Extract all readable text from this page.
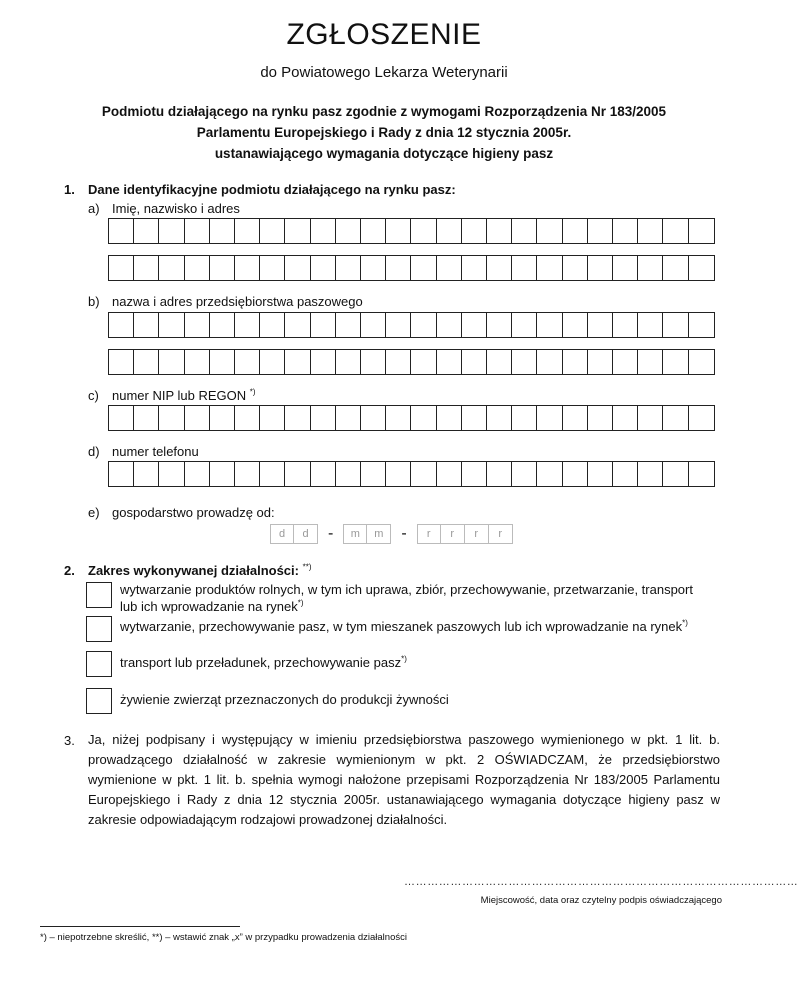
ZGŁOSZENIE
do Powiatowego Lekarza Weterynarii
Podmiotu działającego na rynku pasz zgodnie z wymogami Rozporządzenia Nr 183/2005
Parlamentu Europejskiego i Rady z dnia 12 stycznia 2005r.
ustanawiającego wymagania dotyczące higieny pasz
1. Dane identyfikacyjne podmiotu działającego na rynku pasz:
a) Imię, nazwisko i adres
b) nazwa i adres przedsiębiorstwa paszowego
c) numer NIP lub REGON *)
d) numer telefonu
e) gospodarstwo prowadzę od:
d	d	-	m	m	-	r	r	r	r
2. Zakres wykonywanej działalności: **)
wytwarzanie produktów rolnych, w tym ich uprawa, zbiór, przechowywanie, przetwarzanie, transport
lub ich wprowadzanie na rynek*)
wytwarzanie, przechowywanie pasz, w tym mieszanek paszowych lub ich wprowadzanie na rynek*)
transport lub przeładunek, przechowywanie pasz*)
żywienie zwierząt przeznaczonych do produkcji żywności
3. Ja, niżej podpisany i występujący w imieniu przedsiębiorstwa paszowego wymienionego w pkt. 1 lit. b. prowadzącego działalność w zakresie wymienionym w pkt. 2 OŚWIADCZAM, że przedsiębiorstwo wymienione w pkt. 1 lit. b. spełnia wymogi nałożone przepisami Rozporządzenia Nr 183/2005 Parlamentu Europejskiego i Rady z dnia 12 stycznia 2005r. ustanawiającego wymagania dotyczące higieny pasz w zakresie odpowiadającym rodzajowi prowadzonej działalności.
…………………………………………………………………………………………
Miejscowość, data oraz czytelny podpis oświadczającego
*) – niepotrzebne skreślić, **) – wstawić znak „x” w przypadku prowadzenia działalności
